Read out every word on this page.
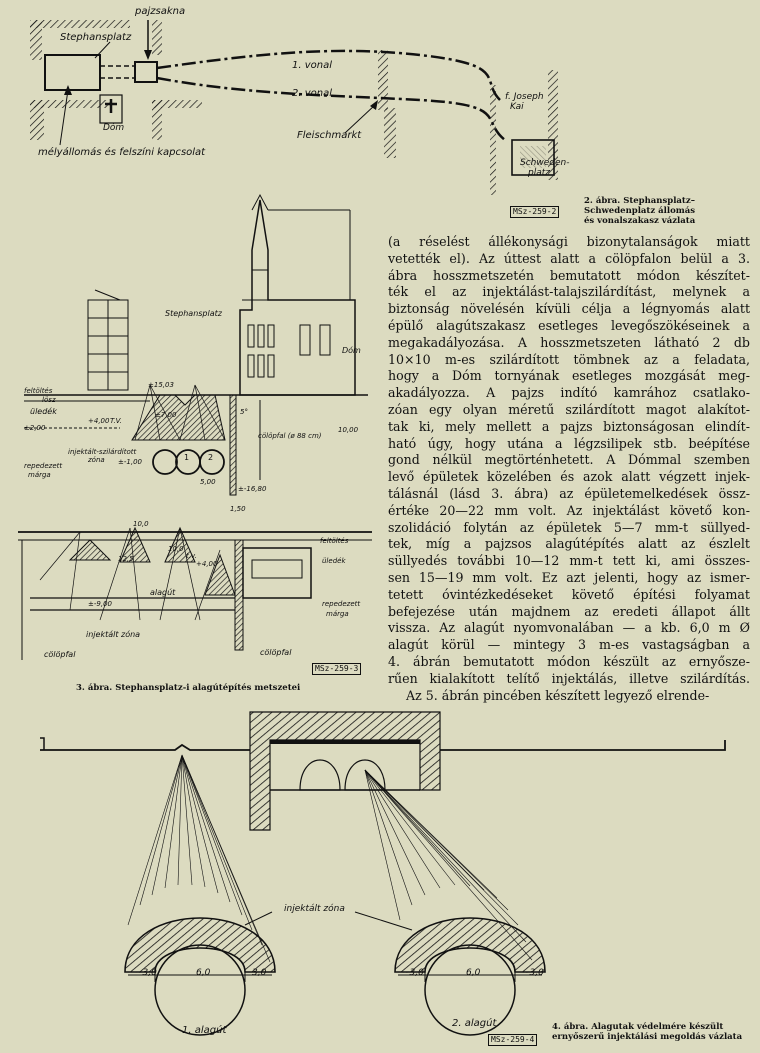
pajzsakna
Stephansplatz
1. vonal
2. vonal
Dóm
Fleischmarkt
mélyállomás és felszíni kapcsolat
f. Joseph
Kai
Schweden-
platz
MSz-259-2
2. ábra. Stephansplatz–
Schwedenplatz állomás
és vonalszakasz vázlata
Stephansplatz
Dóm
feltöltés
lösz
üledék
±15,03
+4,00 T.V.
±7,00
±2,00
cölöpfal (ø 88 cm)
injektált-szilárdított
zóna
repedezett
márga
±-1,00
5,00
10,00
±-16,80
1,50
5°
1 2
10,0
t.v.
+4,00
feltöltés
üledék
alagút
±-9,00
injektált zóna
repedezett
márga
cölöpfal	cölöpfal
12,5
10,0
MSz-259-3
3. ábra. Stephansplatz-i alagútépítés metszetei
(a réselést állékonysági bizonytalanságok miatt
vetették el). Az úttest alatt a cölöpfalon belül a 3.
ábra hosszmetszetén bemutatott módon készítet-
ték el az injektálást-talajszilárdítást, melynek a
biztonság növelésén kívüli célja a légnyomás alatt
épülő alagútszakasz esetleges levegőszökéseinek a
megakadályozása. A hosszmetszeten látható 2 db
10×10 m-es szilárdított tömbnek az a feladata,
hogy a Dóm tornyának esetleges mozgását meg-
akadályozza. A pajzs indító kamrához csatlako-
zóan egy olyan méretű szilárdított magot alakítot-
tak ki, mely mellett a pajzs biztonságosan elindít-
ható úgy, hogy utána a légzsilipek stb. beépítése
gond nélkül megtörténhetett. A Dómmal szemben
levő épületek közelében és azok alatt végzett injek-
tálásnál (lásd 3. ábra) az épületemelkedések össz-
értéke 20—22 mm volt. Az injektálást követő kon-
szolidáció folytán az épületek 5—7 mm-t süllyed-
tek, míg a pajzsos alagútépítés alatt az észlelt
süllyedés további 10—12 mm-t tett ki, ami összes-
sen 15—19 mm volt. Ez azt jelenti, hogy az ismer-
tetett óvintézkedéseket követő építési folyamat
befejezése után majdnem az eredeti állapot állt
vissza. Az alagút nyomvonalában — a kb. 6,0 m Ø
alagút körül — mintegy 3 m-es vastagságban a
4. ábrán bemutatott módon készült az ernyősze-
rűen kialakított telítő injektálás, illetve szilárdítás.
Az 5. ábrán pincében készített legyező elrende-
injektált zóna
~3,0	6,0	3,0	~3,0	6,0	~3,0
1. alagút
2. alagút
MSz-259-4
4. ábra. Alagutak védelmére készült
ernyőszerű injektálási megoldás vázlata
